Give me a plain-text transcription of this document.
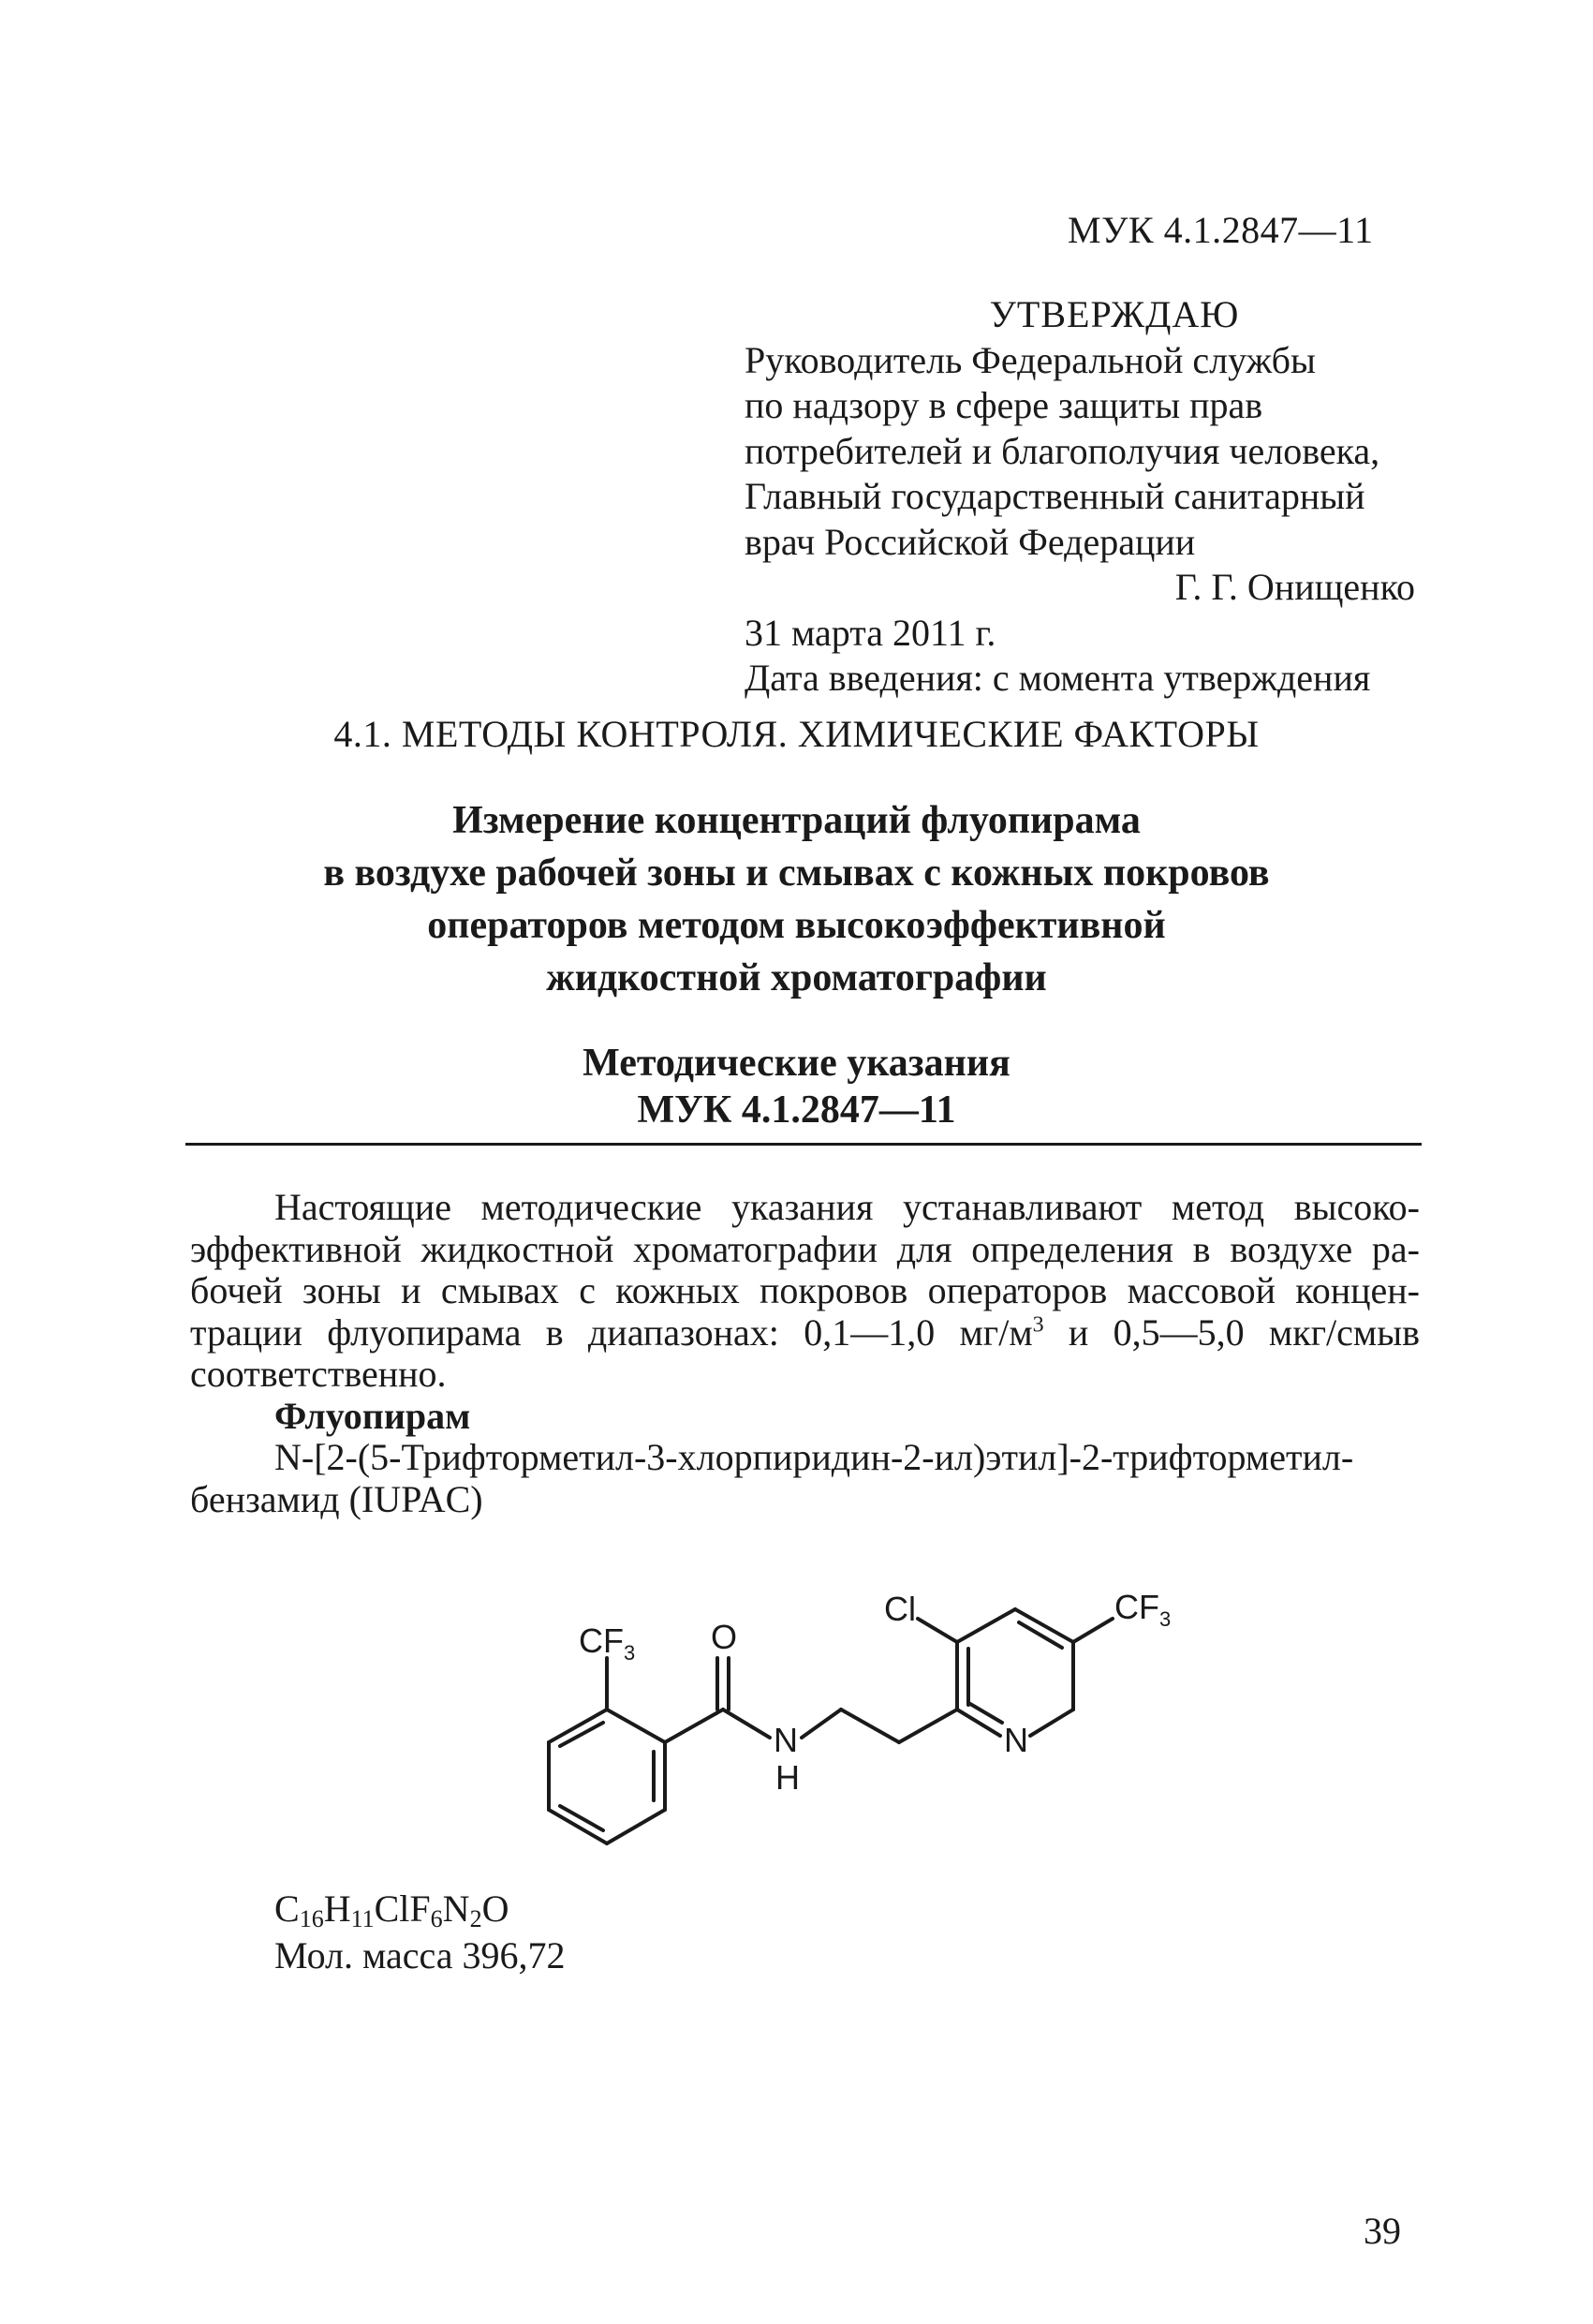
МУК 4.1.2847—11
УТВЕРЖДАЮ
Руководитель Федеральной службы
по надзору в сфере защиты прав
потребителей и благополучия человека,
Главный государственный санитарный
врач Российской Федерации
Г. Г. Онищенко
31 марта 2011 г.
Дата введения: с момента утверждения
4.1. МЕТОДЫ КОНТРОЛЯ. ХИМИЧЕСКИЕ ФАКТОРЫ
Измерение концентраций флуопирама
в воздухе рабочей зоны и смывах с кожных покровов
операторов методом высокоэффективной
жидкостной хроматографии
Методические указания
МУК 4.1.2847—11

Настоящие методические указания устанавливают метод высокоэффективной жидкостной хроматографии для определения в воздухе рабочей зоны и смывах с кожных покровов операторов массовой концентрации флуопирама в диапазонах: 0,1—1,0 $мг/м^3$ и 0,5—5,0 мкг/смыв соответственно.

Флуопирам

N-[2-(5-Трифторметил-3-хлорпиридин-2-ил)этил]-2-трифторметилбензамид (IUPAC)

$CF_3$ O
N
H
Cl	$CF_3$
N
$C_{16}H_{11}ClF_6N_2O$
Мол. масса 396,72
39
